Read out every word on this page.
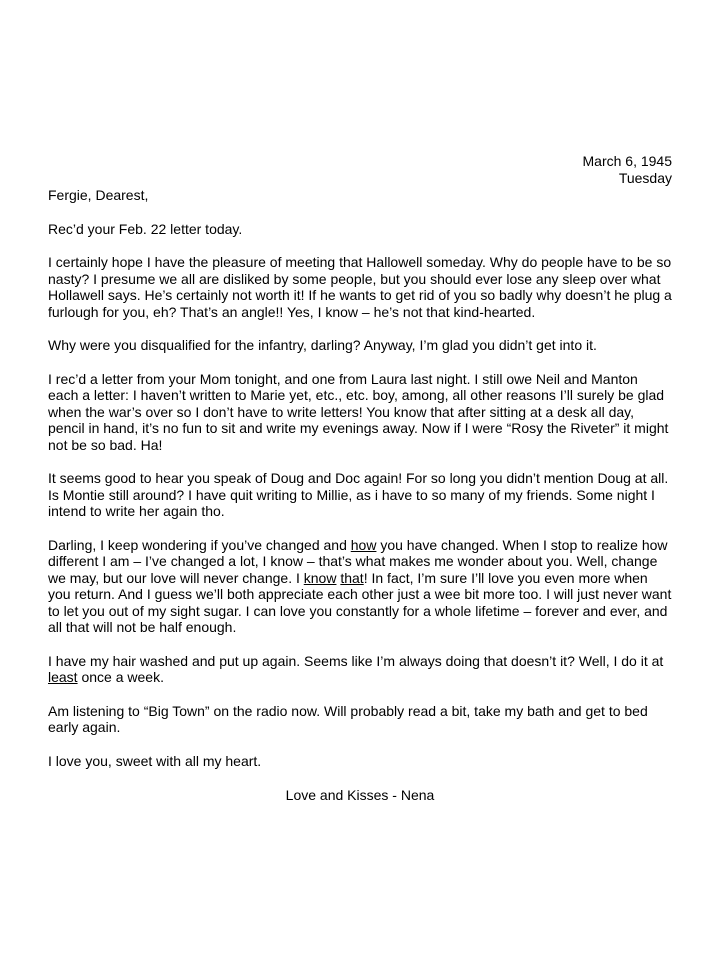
March 6, 1945
Tuesday

Fergie, Dearest,

Rec’d your Feb. 22 letter today.

I certainly hope I have the pleasure of meeting that Hallowell someday. Why do people have to be so nasty? I presume we all are disliked by some people, but you should ever lose any sleep over what Hollawell says. He’s certainly not worth it! If he wants to get rid of you so badly why doesn’t he plug a furlough for you, eh? That’s an angle!! Yes, I know – he’s not that kind-hearted.

Why were you disqualified for the infantry, darling? Anyway, I’m glad you didn’t get into it.

I rec’d a letter from your Mom tonight, and one from Laura last night. I still owe Neil and Manton each a letter: I haven’t written to Marie yet, etc., etc. boy, among, all other reasons I’ll surely be glad when the war’s over so I don’t have to write letters! You know that after sitting at a desk all day, pencil in hand, it’s no fun to sit and write my evenings away. Now if I were “Rosy the Riveter” it might not be so bad. Ha!

It seems good to hear you speak of Doug and Doc again! For so long you didn’t mention Doug at all. Is Montie still around? I have quit writing to Millie, as i have to so many of my friends. Some night I intend to write her again tho.

Darling, I keep wondering if you’ve changed and how you have changed. When I stop to realize how different I am – I’ve changed a lot, I know – that’s what makes me wonder about you. Well, change we may, but our love will never change. I know that! In fact, I’m sure I’ll love you even more when you return. And I guess we’ll both appreciate each other just a wee bit more too. I will just never want to let you out of my sight sugar. I can love you constantly for a whole lifetime – forever and ever, and all that will not be half enough.

I have my hair washed and put up again. Seems like I’m always doing that doesn’t it? Well, I do it at least once a week.

Am listening to “Big Town” on the radio now. Will probably read a bit, take my bath and get to bed early again.

I love you, sweet with all my heart.

Love and Kisses - Nena
